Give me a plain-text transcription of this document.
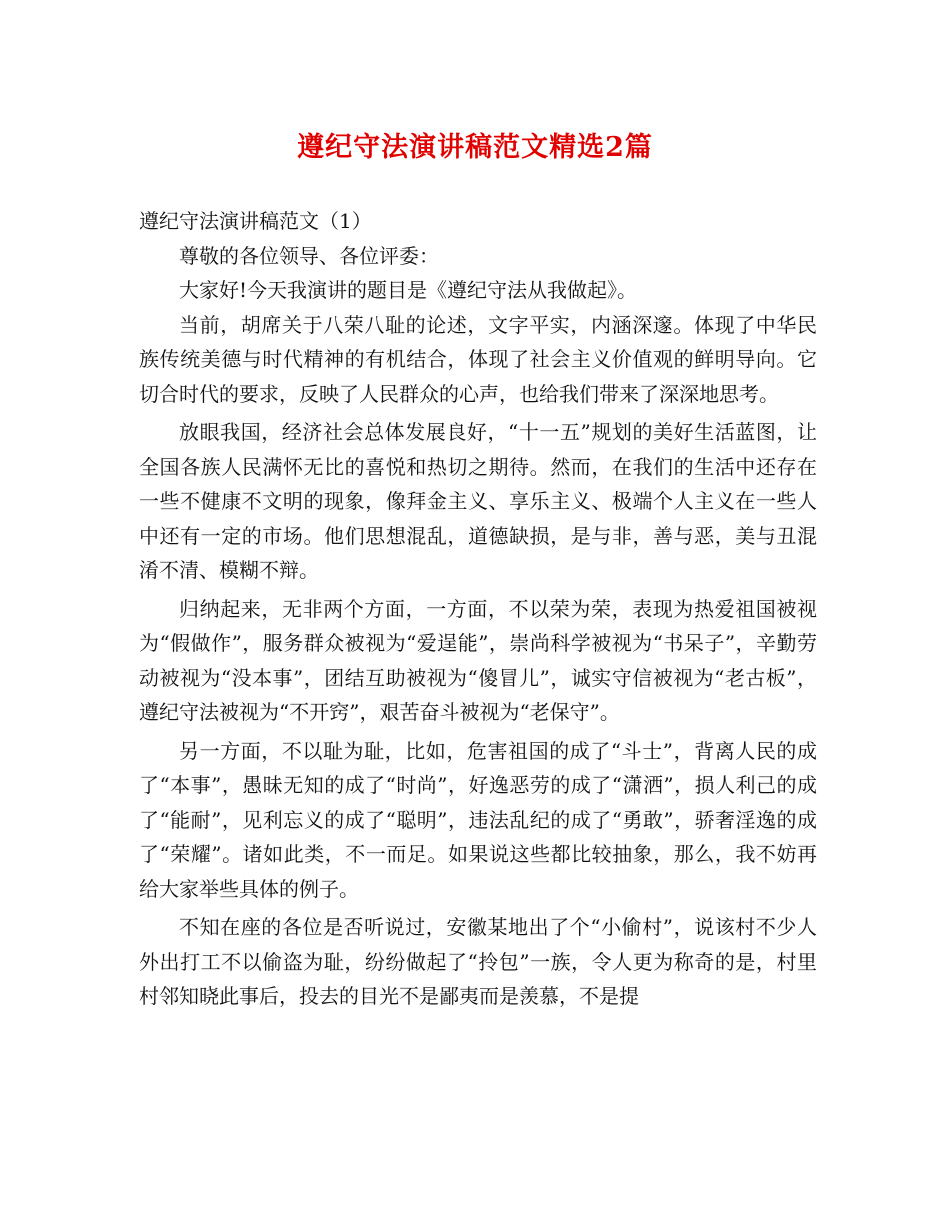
遵纪守法演讲稿范文精选2篇

遵纪守法演讲稿范文（1）

尊敬的各位领导、各位评委：

大家好!今天我演讲的题目是《遵纪守法从我做起》。

当前，胡席关于八荣八耻的论述，文字平实，内涵深邃。体现了中华民族传统美德与时代精神的有机结合，体现了社会主义价值观的鲜明导向。它切合时代的要求，反映了人民群众的心声，也给我们带来了深深地思考。

放眼我国，经济社会总体发展良好，“十一五”规划的美好生活蓝图，让全国各族人民满怀无比的喜悦和热切之期待。然而，在我们的生活中还存在一些不健康不文明的现象，像拜金主义、享乐主义、极端个人主义在一些人中还有一定的市场。他们思想混乱，道德缺损，是与非，善与恶，美与丑混淆不清、模糊不辩。

归纳起来，无非两个方面，一方面，不以荣为荣，表现为热爱祖国被视为“假做作”，服务群众被视为“爱逞能”，崇尚科学被视为“书呆子”，辛勤劳动被视为“没本事”，团结互助被视为“傻冒儿”，诚实守信被视为“老古板”，遵纪守法被视为“不开窍”，艰苦奋斗被视为“老保守”。

另一方面，不以耻为耻，比如，危害祖国的成了“斗士”，背离人民的成了“本事”，愚昧无知的成了“时尚”，好逸恶劳的成了“潇洒”，损人利己的成了“能耐”，见利忘义的成了“聪明”，违法乱纪的成了“勇敢”，骄奢淫逸的成了“荣耀”。诸如此类，不一而足。如果说这些都比较抽象，那么，我不妨再给大家举些具体的例子。

不知在座的各位是否听说过，安徽某地出了个“小偷村”，说该村不少人外出打工不以偷盗为耻，纷纷做起了“拎包”一族，令人更为称奇的是，村里村邻知晓此事后，投去的目光不是鄙夷而是羡慕，不是提
